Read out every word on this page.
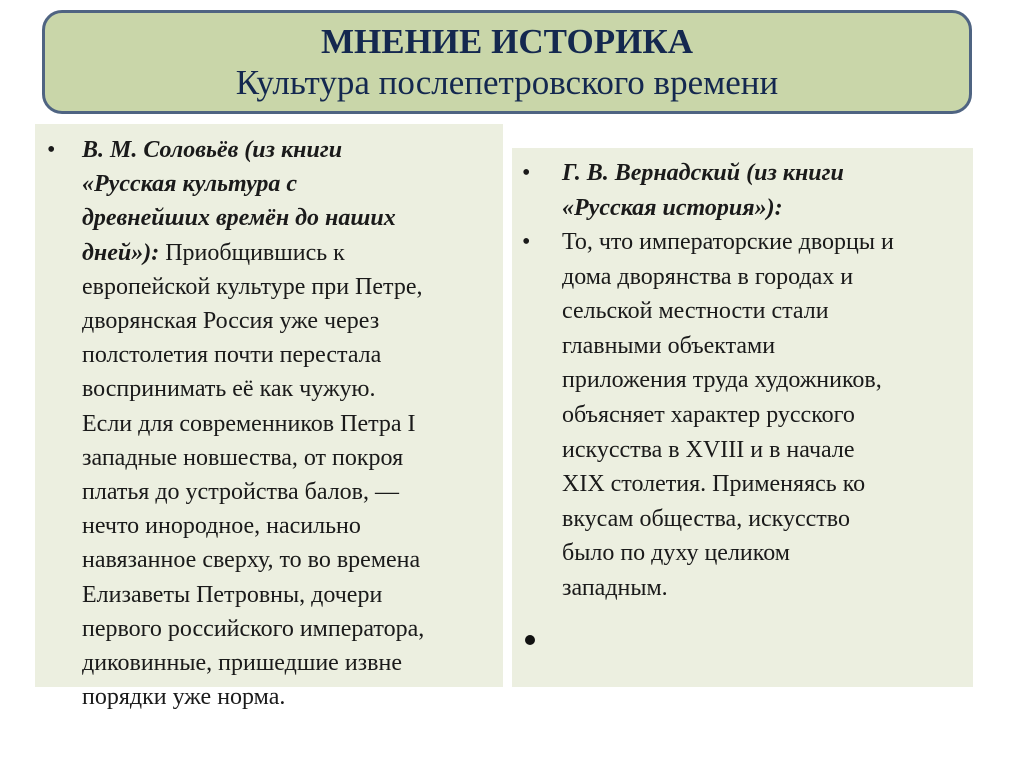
МНЕНИЕ ИСТОРИКА
Культура послепетровского времени
• В. М. Соловьёв (из книги
«Русская культура с
древнейших времён до наших
дней»): Приобщившись к
европейской культуре при Петре,
дворянская Россия уже через
полстолетия почти перестала
воспринимать её как чужую.
Если для современников Петра I
западные новшества, от покроя
платья до устройства балов, —
нечто инородное, насильно
навязанное сверху, то во времена
Елизаветы Петровны, дочери
первого российского императора,
диковинные, пришедшие извне
порядки уже норма.
•
•
Г. В. Вернадский (из книги
«Русская история»):
То, что императорские дворцы и
дома дворянства в городах и
сельской местности стали
главными объектами
приложения труда художников,
объясняет характер русского
искусства в XVIII и в начале
XIX столетия. Применяясь ко
вкусам общества, искусство
было по духу целиком
западным.
